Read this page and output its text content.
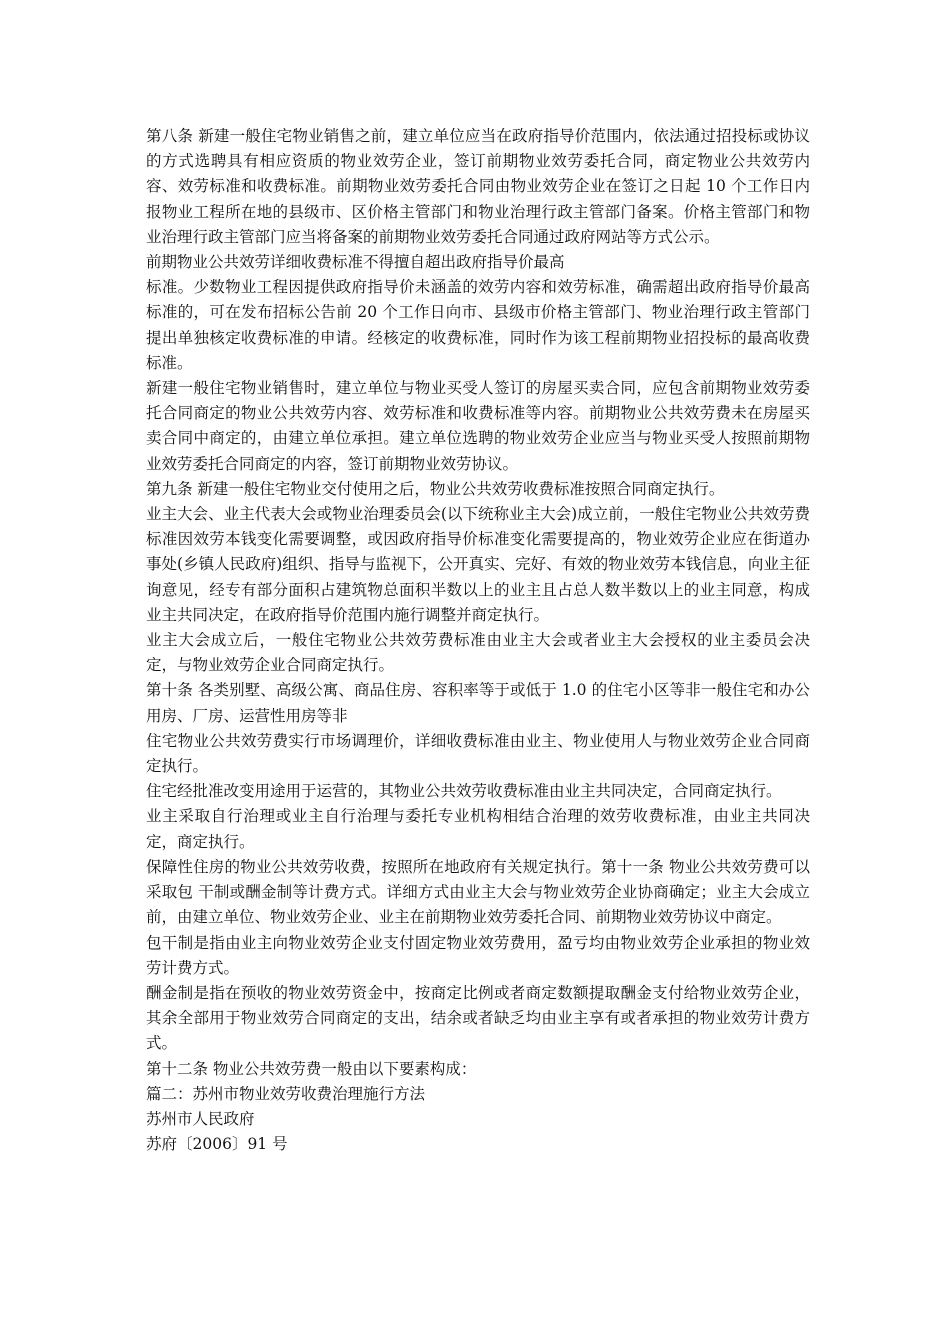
第八条 新建一般住宅物业销售之前，建立单位应当在政府指导价范围内，依法通过招投标或协议的方式选聘具有相应资质的物业效劳企业，签订前期物业效劳委托合同，商定物业公共效劳内容、效劳标准和收费标准。前期物业效劳委托合同由物业效劳企业在签订之日起 10 个工作日内报物业工程所在地的县级市、区价格主管部门和物业治理行政主管部门备案。价格主管部门和物业治理行政主管部门应当将备案的前期物业效劳委托合同通过政府网站等方式公示。

前期物业公共效劳详细收费标准不得擅自超出政府指导价最高

标准。少数物业工程因提供政府指导价未涵盖的效劳内容和效劳标准，确需超出政府指导价最高标准的，可在发布招标公告前 20 个工作日向市、县级市价格主管部门、物业治理行政主管部门提出单独核定收费标准的申请。经核定的收费标准，同时作为该工程前期物业招投标的最高收费标准。

新建一般住宅物业销售时，建立单位与物业买受人签订的房屋买卖合同，应包含前期物业效劳委托合同商定的物业公共效劳内容、效劳标准和收费标准等内容。前期物业公共效劳费未在房屋买卖合同中商定的，由建立单位承担。建立单位选聘的物业效劳企业应当与物业买受人按照前期物业效劳委托合同商定的内容，签订前期物业效劳协议。

第九条 新建一般住宅物业交付使用之后，物业公共效劳收费标准按照合同商定执行。

业主大会、业主代表大会或物业治理委员会(以下统称业主大会)成立前，一般住宅物业公共效劳费标准因效劳本钱变化需要调整，或因政府指导价标准变化需要提高的，物业效劳企业应在街道办事处(乡镇人民政府)组织、指导与监视下，公开真实、完好、有效的物业效劳本钱信息，向业主征询意见，经专有部分面积占建筑物总面积半数以上的业主且占总人数半数以上的业主同意，构成业主共同决定，在政府指导价范围内施行调整并商定执行。

业主大会成立后，一般住宅物业公共效劳费标准由业主大会或者业主大会授权的业主委员会决定，与物业效劳企业合同商定执行。

第十条 各类别墅、高级公寓、商品住房、容积率等于或低于 1.0 的住宅小区等非一般住宅和办公用房、厂房、运营性用房等非

住宅物业公共效劳费实行市场调理价，详细收费标准由业主、物业使用人与物业效劳企业合同商定执行。

住宅经批准改变用途用于运营的，其物业公共效劳收费标准由业主共同决定，合同商定执行。

业主采取自行治理或业主自行治理与委托专业机构相结合治理的效劳收费标准，由业主共同决定，商定执行。

保障性住房的物业公共效劳收费，按照所在地政府有关规定执行。第十一条 物业公共效劳费可以采取包 干制或酬金制等计费方式。详细方式由业主大会与物业效劳企业协商确定；业主大会成立前，由建立单位、物业效劳企业、业主在前期物业效劳委托合同、前期物业效劳协议中商定。

包干制是指由业主向物业效劳企业支付固定物业效劳费用，盈亏均由物业效劳企业承担的物业效劳计费方式。

酬金制是指在预收的物业效劳资金中，按商定比例或者商定数额提取酬金支付给物业效劳企业，其余全部用于物业效劳合同商定的支出，结余或者缺乏均由业主享有或者承担的物业效劳计费方式。

第十二条 物业公共效劳费一般由以下要素构成：

篇二：苏州市物业效劳收费治理施行方法

苏州市人民政府

苏府〔2006〕91 号
